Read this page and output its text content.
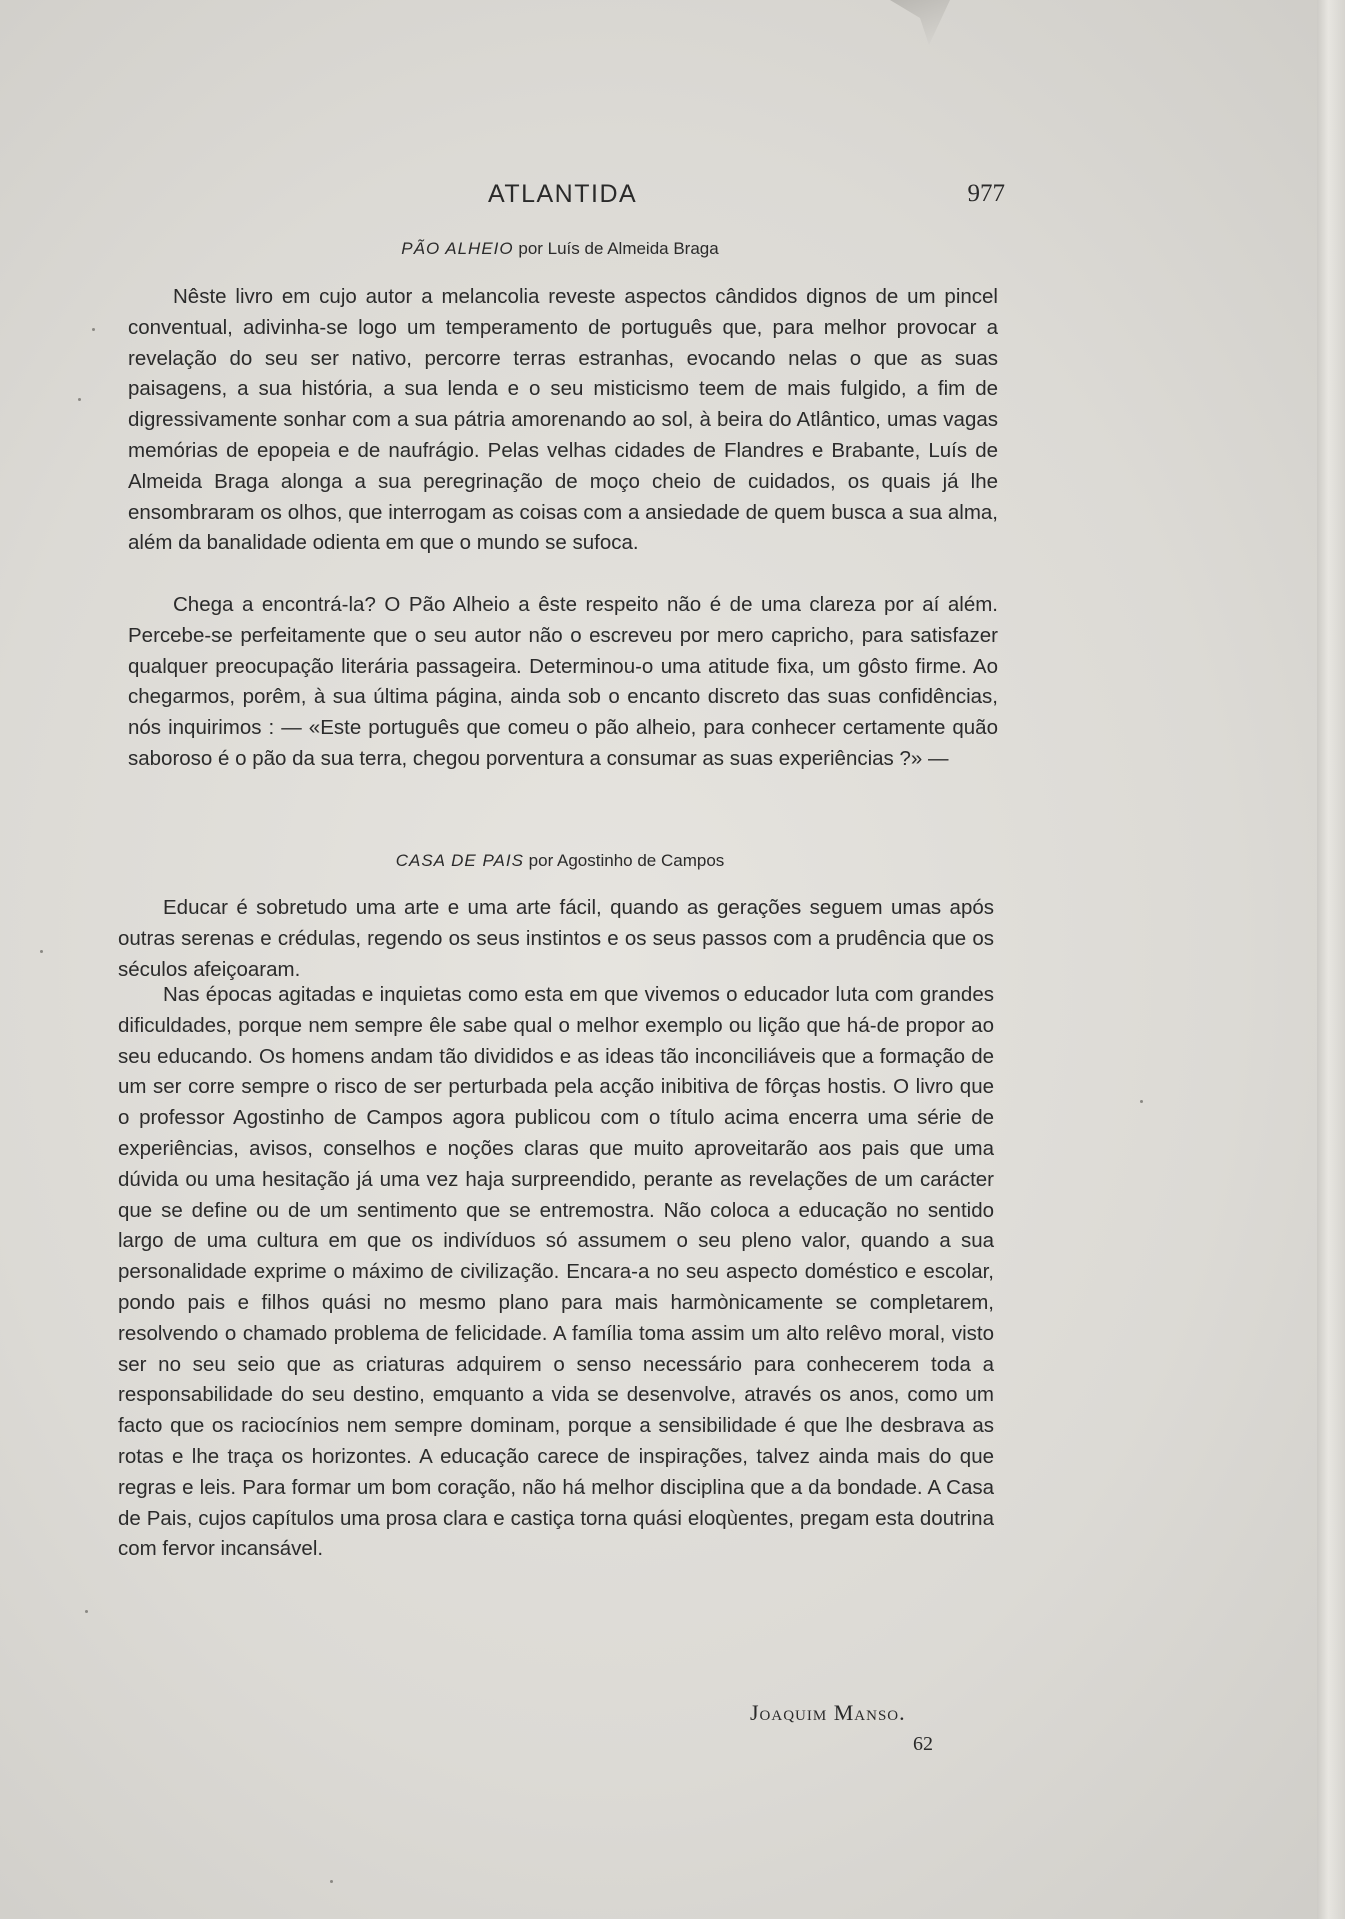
ATLANTIDA	977
PÃO ALHEIO por Luís de Almeida Braga

Nêste livro em cujo autor a melancolia reveste aspectos cândidos dignos de um pincel conventual, adivinha-se logo um temperamento de português que, para melhor provocar a revelação do seu ser nativo, percorre terras estranhas, evocando nelas o que as suas paisagens, a sua história, a sua lenda e o seu misticismo teem de mais fulgido, a fim de digressivamente sonhar com a sua pátria amorenando ao sol, à beira do Atlântico, umas vagas memórias de epopeia e de naufrágio. Pelas velhas cidades de Flandres e Brabante, Luís de Almeida Braga alonga a sua peregrinação de moço cheio de cuidados, os quais já lhe ensombraram os olhos, que interrogam as coisas com a ansiedade de quem busca a sua alma, além da banalidade odienta em que o mundo se sufoca.

Chega a encontrá-la? O Pão Alheio a êste respeito não é de uma clareza por aí além. Percebe-se perfeitamente que o seu autor não o escreveu por mero capricho, para satisfazer qualquer preocupação literária passageira. Determinou-o uma atitude fixa, um gôsto firme. Ao chegarmos, porêm, à sua última página, ainda sob o encanto discreto das suas confidências, nós inquirimos : — «Este português que comeu o pão alheio, para conhecer certamente quão saboroso é o pão da sua terra, chegou porventura a consumar as suas experiências ?» —

CASA DE PAIS por Agostinho de Campos

Educar é sobretudo uma arte e uma arte fácil, quando as gerações seguem umas após outras serenas e crédulas, regendo os seus instintos e os seus passos com a prudência que os séculos afeiçoaram.

Nas épocas agitadas e inquietas como esta em que vivemos o educador luta com grandes dificuldades, porque nem sempre êle sabe qual o melhor exemplo ou lição que há-de propor ao seu educando. Os homens andam tão divididos e as ideas tão inconciliáveis que a formação de um ser corre sempre o risco de ser perturbada pela acção inibitiva de fôrças hostis. O livro que o professor Agostinho de Campos agora publicou com o título acima encerra uma série de experiências, avisos, conselhos e noções claras que muito aproveitarão aos pais que uma dúvida ou uma hesitação já uma vez haja surpreendido, perante as revelações de um carácter que se define ou de um sentimento que se entremostra. Não coloca a educação no sentido largo de uma cultura em que os indivíduos só assumem o seu pleno valor, quando a sua personalidade exprime o máximo de civilização. Encara-a no seu aspecto doméstico e escolar, pondo pais e filhos quási no mesmo plano para mais harmònicamente se completarem, resolvendo o chamado problema de felicidade. A família toma assim um alto relêvo moral, visto ser no seu seio que as criaturas adquirem o senso necessário para conhecerem toda a responsabilidade do seu destino, emquanto a vida se desenvolve, através os anos, como um facto que os raciocínios nem sempre dominam, porque a sensibilidade é que lhe desbrava as rotas e lhe traça os horizontes. A educação carece de inspirações, talvez ainda mais do que regras e leis. Para formar um bom coração, não há melhor disciplina que a da bondade. A Casa de Pais, cujos capítulos uma prosa clara e castiça torna quási eloqùentes, pregam esta doutrina com fervor incansável.

Joaquim Manso.
62
